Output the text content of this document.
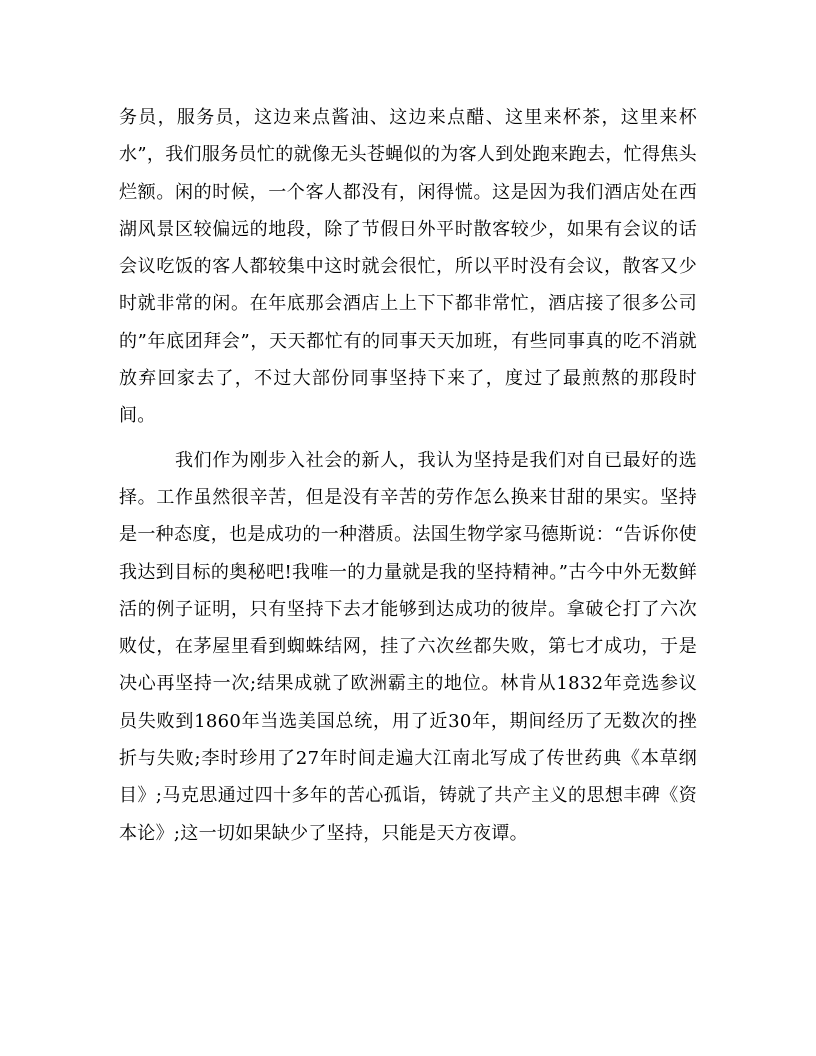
务员，服务员，这边来点酱油、这边来点醋、这里来杯茶，这里来杯水”，我们服务员忙的就像无头苍蝇似的为客人到处跑来跑去，忙得焦头烂额。闲的时候，一个客人都没有，闲得慌。这是因为我们酒店处在西湖风景区较偏远的地段，除了节假日外平时散客较少，如果有会议的话会议吃饭的客人都较集中这时就会很忙，所以平时没有会议，散客又少时就非常的闲。在年底那会酒店上上下下都非常忙，酒店接了很多公司的”年底团拜会”，天天都忙有的同事天天加班，有些同事真的吃不消就放弃回家去了，不过大部份同事坚持下来了，度过了最煎熬的那段时间。

我们作为刚步入社会的新人，我认为坚持是我们对自已最好的选择。工作虽然很辛苦，但是没有辛苦的劳作怎么换来甘甜的果实。坚持是一种态度，也是成功的一种潜质。法国生物学家马德斯说：“告诉你使我达到目标的奥秘吧!我唯一的力量就是我的坚持精神。”古今中外无数鲜活的例子证明，只有坚持下去才能够到达成功的彼岸。拿破仑打了六次败仗，在茅屋里看到蜘蛛结网，挂了六次丝都失败，第七才成功，于是决心再坚持一次;结果成就了欧洲霸主的地位。林肯从1832年竞选参议员失败到1860年当选美国总统，用了近30年，期间经历了无数次的挫折与失败;李时珍用了27年时间走遍大江南北写成了传世药典《本草纲目》;马克思通过四十多年的苦心孤诣，铸就了共产主义的思想丰碑《资本论》;这一切如果缺少了坚持，只能是天方夜谭。
